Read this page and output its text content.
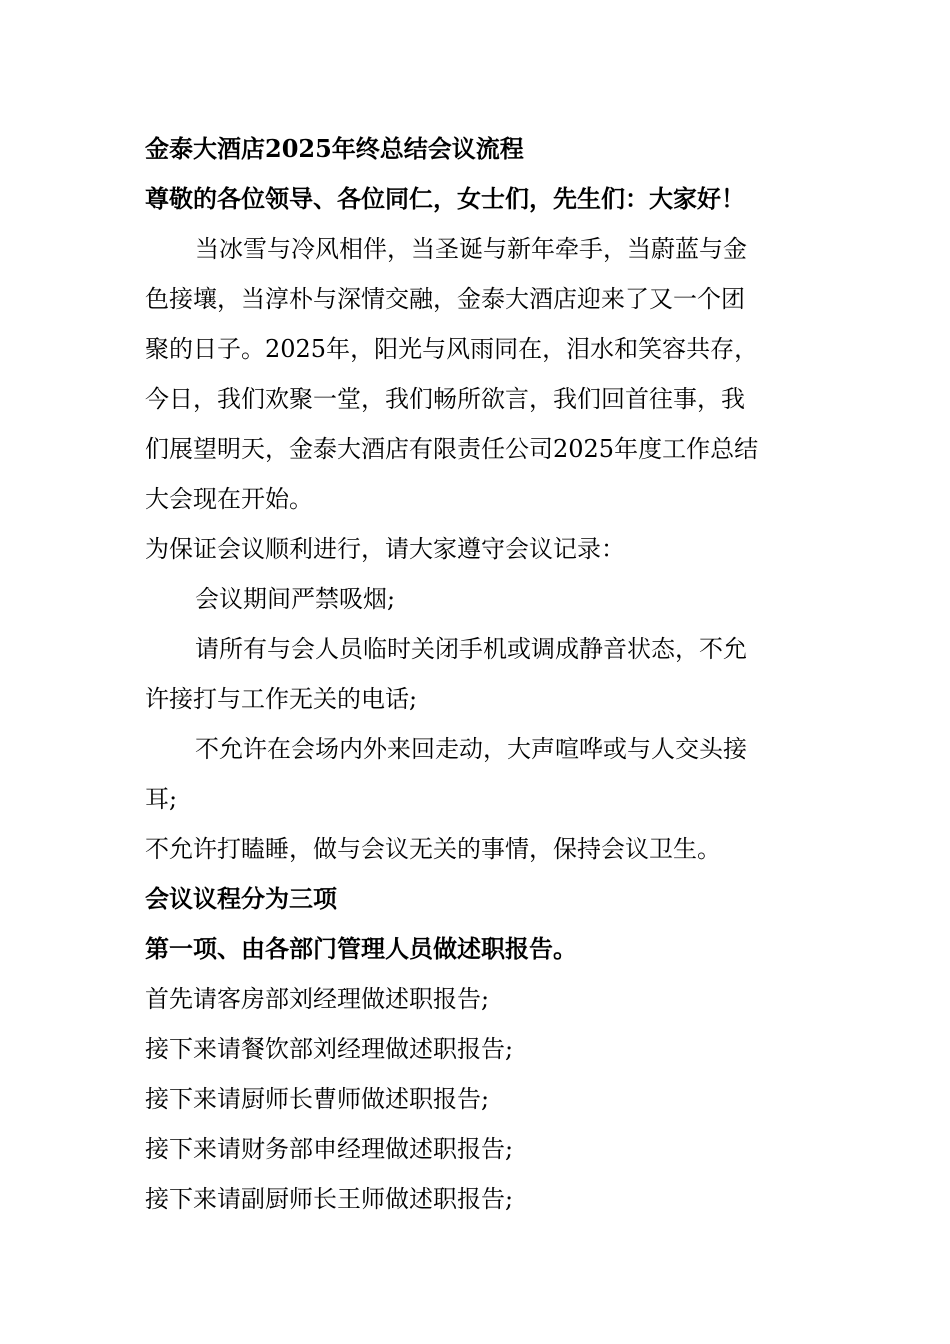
金泰大酒店2025年终总结会议流程
尊敬的各位领导、各位同仁，女士们，先生们：大家好！
当冰雪与冷风相伴，当圣诞与新年牵手，当蔚蓝与金
色接壤，当淳朴与深情交融，金泰大酒店迎来了又一个团
聚的日子。2025年，阳光与风雨同在，泪水和笑容共存，
今日，我们欢聚一堂，我们畅所欲言，我们回首往事，我
们展望明天，金泰大酒店有限责任公司2025年度工作总结
大会现在开始。
为保证会议顺利进行，请大家遵守会议记录：
会议期间严禁吸烟;
请所有与会人员临时关闭手机或调成静音状态，不允
许接打与工作无关的电话;
不允许在会场内外来回走动，大声喧哗或与人交头接
耳;
不允许打瞌睡，做与会议无关的事情，保持会议卫生。
会议议程分为三项
第一项、由各部门管理人员做述职报告。
首先请客房部刘经理做述职报告;
接下来请餐饮部刘经理做述职报告;
接下来请厨师长曹师做述职报告;
接下来请财务部申经理做述职报告;
接下来请副厨师长王师做述职报告;
